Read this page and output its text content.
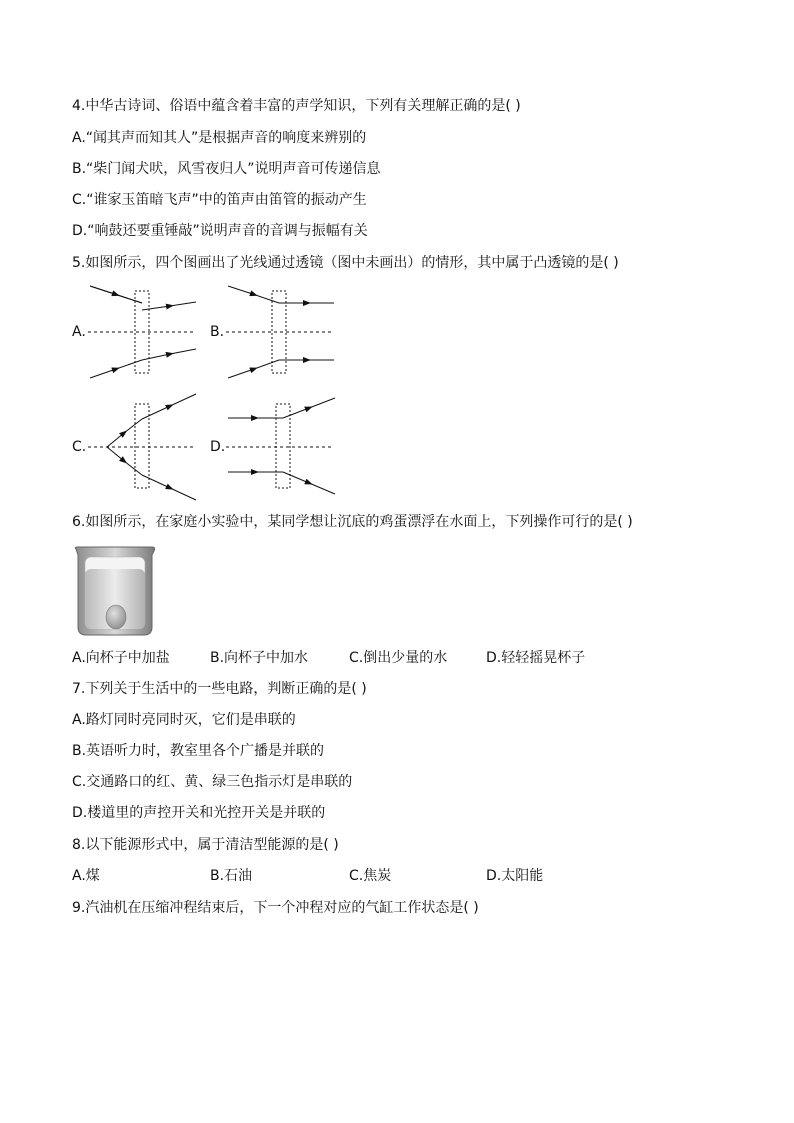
4.中华古诗词、俗语中蕴含着丰富的声学知识，下列有关理解正确的是( )
A.“闻其声而知其人”是根据声音的响度来辨别的
B.“柴门闻犬吠，风雪夜归人”说明声音可传递信息
C.“谁家玉笛暗飞声”中的笛声由笛管的振动产生
D.“响鼓还要重锤敲”说明声音的音调与振幅有关
5.如图所示，四个图画出了光线通过透镜（图中未画出）的情形，其中属于凸透镜的是( )
A.	B.
C.	D.
6.如图所示，在家庭小实验中，某同学想让沉底的鸡蛋漂浮在水面上，下列操作可行的是( )
A.向杯子中加盐	B.向杯子中加水	C.倒出少量的水	D.轻轻摇晃杯子
7.下列关于生活中的一些电路，判断正确的是( )
A.路灯同时亮同时灭，它们是串联的
B.英语听力时，教室里各个广播是并联的
C.交通路口的红、黄、绿三色指示灯是串联的
D.楼道里的声控开关和光控开关是并联的
8.以下能源形式中，属于清洁型能源的是( )
A.煤	B.石油	C.焦炭	D.太阳能
9.汽油机在压缩冲程结束后，下一个冲程对应的气缸工作状态是( )
